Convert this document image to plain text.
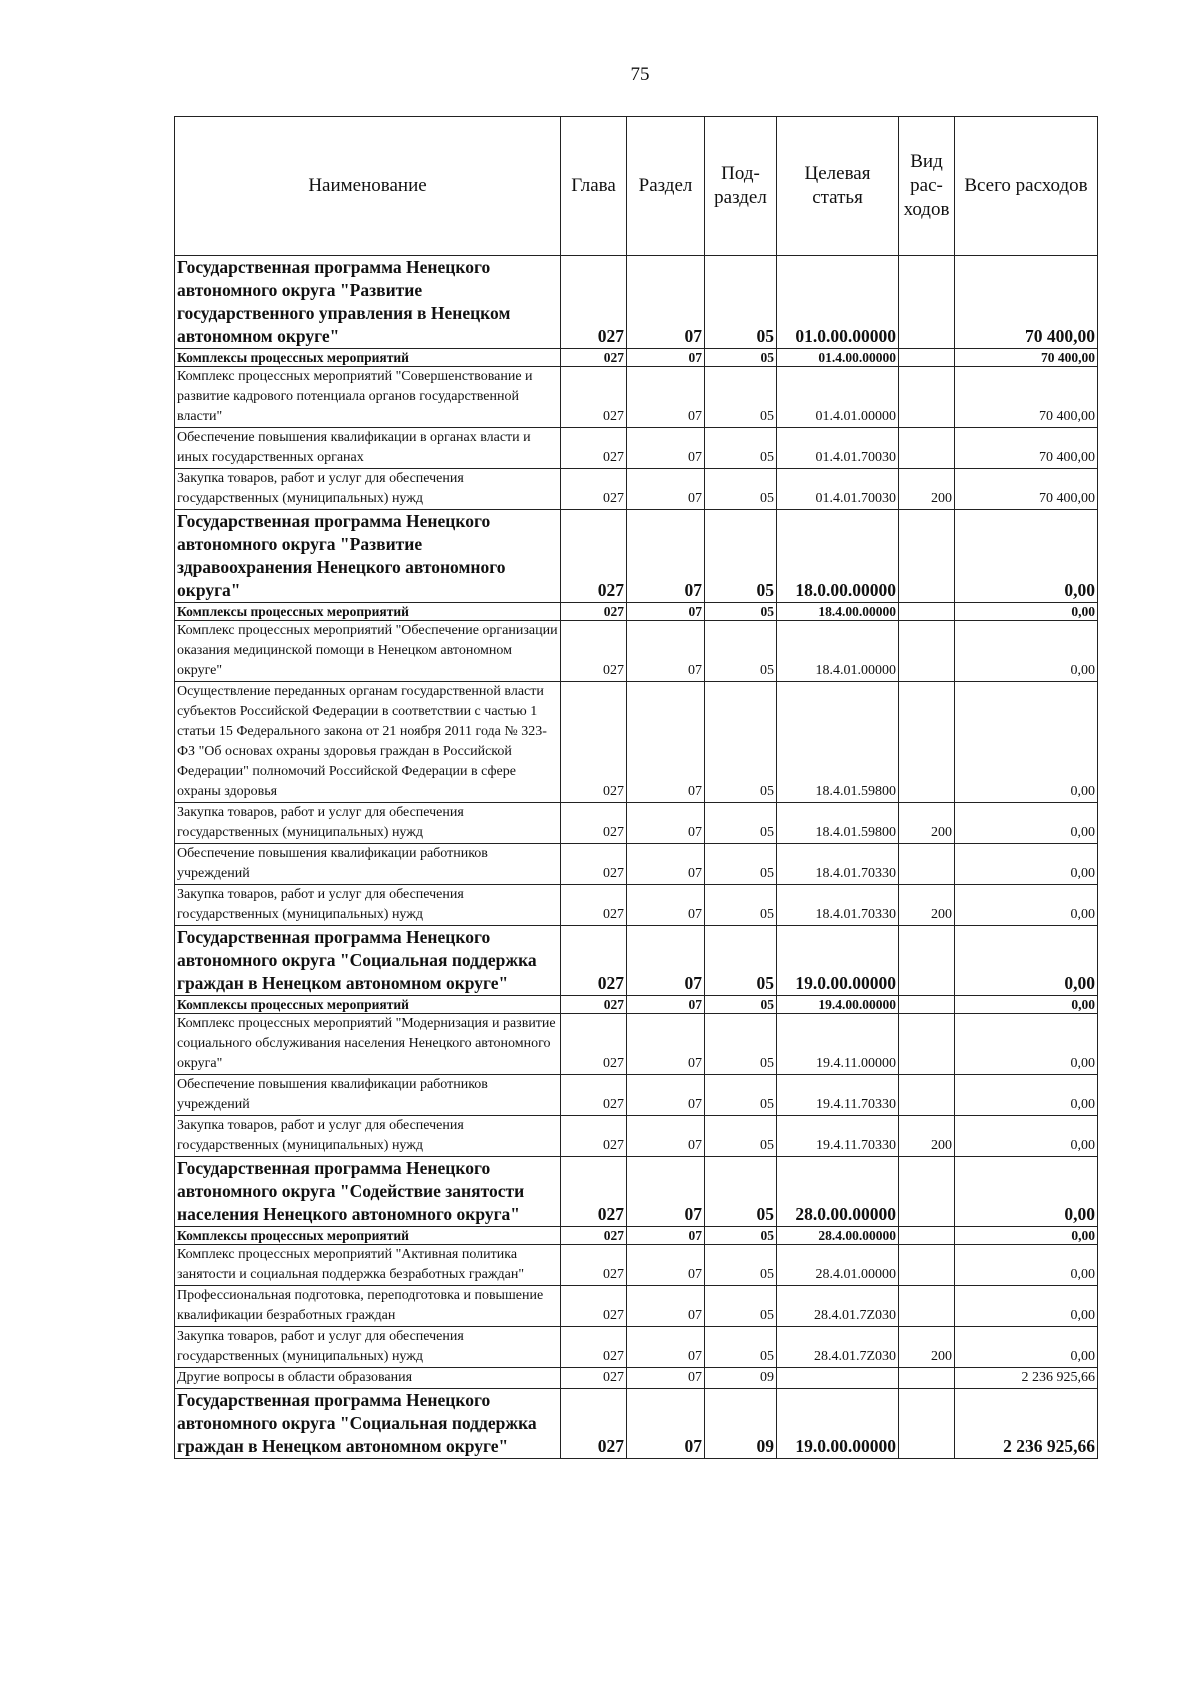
75
Наименование	Глава	Раздел	Под-раздел	Целевая статья	Вид рас-ходов	Всего расходов
Государственная программа Ненецкого автономного округа "Развитие государственного управления в Ненецком автономном округе"	027	07	05	01.0.00.00000		70 400,00
Комплексы процессных мероприятий	027	07	05	01.4.00.00000		70 400,00
Комплекс процессных мероприятий "Совершенствование и развитие кадрового потенциала органов государственной власти"	027	07	05	01.4.01.00000		70 400,00
Обеспечение повышения квалификации в органах власти и иных государственных органах	027	07	05	01.4.01.70030		70 400,00
Закупка товаров, работ и услуг для обеспечения государственных (муниципальных) нужд	027	07	05	01.4.01.70030	200	70 400,00
Государственная программа Ненецкого автономного округа "Развитие здравоохранения Ненецкого автономного округа"	027	07	05	18.0.00.00000		0,00
Комплексы процессных мероприятий	027	07	05	18.4.00.00000		0,00
Комплекс процессных мероприятий "Обеспечение организации оказания медицинской помощи в Ненецком автономном округе"	027	07	05	18.4.01.00000		0,00
Осуществление переданных органам государственной власти субъектов Российской Федерации в соответствии с частью 1 статьи 15 Федерального закона от 21 ноября 2011 года № 323-ФЗ "Об основах охраны здоровья граждан в Российской Федерации" полномочий Российской Федерации в сфере охраны здоровья	027	07	05	18.4.01.59800		0,00
Закупка товаров, работ и услуг для обеспечения государственных (муниципальных) нужд	027	07	05	18.4.01.59800	200	0,00
Обеспечение повышения квалификации работников учреждений	027	07	05	18.4.01.70330		0,00
Закупка товаров, работ и услуг для обеспечения государственных (муниципальных) нужд	027	07	05	18.4.01.70330	200	0,00
Государственная программа Ненецкого автономного округа "Социальная поддержка граждан в Ненецком автономном округе"	027	07	05	19.0.00.00000		0,00
Комплексы процессных мероприятий	027	07	05	19.4.00.00000		0,00
Комплекс процессных мероприятий "Модернизация и развитие социального обслуживания населения Ненецкого автономного округа"	027	07	05	19.4.11.00000		0,00
Обеспечение повышения квалификации работников учреждений	027	07	05	19.4.11.70330		0,00
Закупка товаров, работ и услуг для обеспечения государственных (муниципальных) нужд	027	07	05	19.4.11.70330	200	0,00
Государственная программа Ненецкого автономного округа "Содействие занятости населения Ненецкого автономного округа"	027	07	05	28.0.00.00000		0,00
Комплексы процессных мероприятий	027	07	05	28.4.00.00000		0,00
Комплекс процессных мероприятий "Активная политика занятости и социальная поддержка безработных граждан"	027	07	05	28.4.01.00000		0,00
Профессиональная подготовка, переподготовка и повышение квалификации безработных граждан	027	07	05	28.4.01.7Z030		0,00
Закупка товаров, работ и услуг для обеспечения государственных (муниципальных) нужд	027	07	05	28.4.01.7Z030	200	0,00
Другие вопросы в области образования	027	07	09			2 236 925,66
Государственная программа Ненецкого автономного округа "Социальная поддержка граждан в Ненецком автономном округе"	027	07	09	19.0.00.00000		2 236 925,66
